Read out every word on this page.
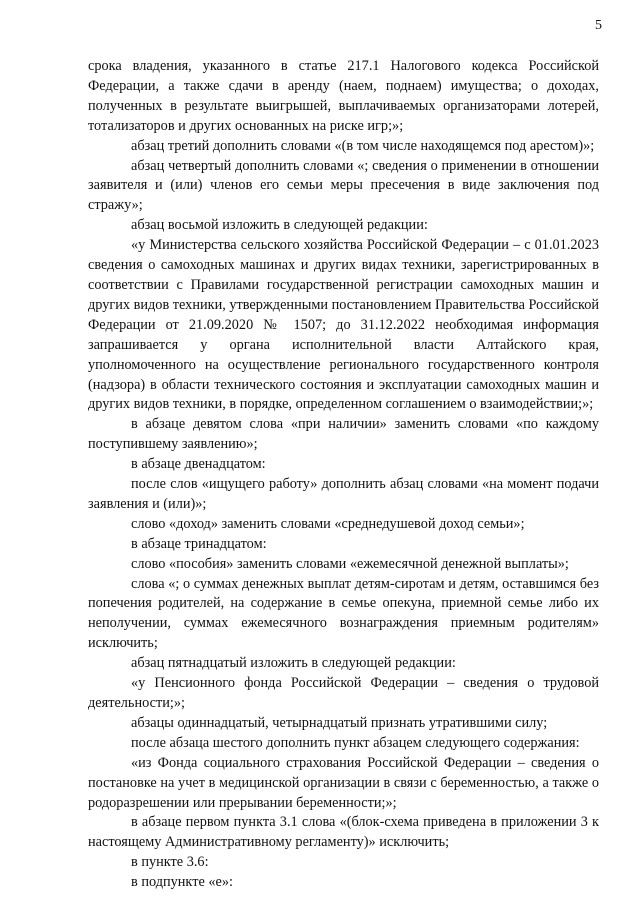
5

срока владения, указанного в статье 217.1 Налогового кодекса Российской Федерации, а также сдачи в аренду (наем, поднаем) имущества; о доходах, полученных в результате выигрышей, выплачиваемых организаторами лотерей, тотализаторов и других основанных на риске игр;»;

абзац третий дополнить словами «(в том числе находящемся под арестом)»;

абзац четвертый дополнить словами «; сведения о применении в отношении заявителя и (или) членов его семьи меры пресечения в виде заключения под стражу»;

абзац восьмой изложить в следующей редакции:

«у Министерства сельского хозяйства Российской Федерации – с 01.01.2023 сведения о самоходных машинах и других видах техники, зарегистрированных в соответствии с Правилами государственной регистрации самоходных машин и других видов техники, утвержденными постановлением Правительства Российской Федерации от 21.09.2020 № 1507; до 31.12.2022 необходимая информация запрашивается у органа исполнительной власти Алтайского края, уполномоченного на осуществление регионального государственного контроля (надзора) в области технического состояния и эксплуатации самоходных машин и других видов техники, в порядке, определенном соглашением о взаимодействии;»;

в абзаце девятом слова «при наличии» заменить словами «по каждому поступившему заявлению»;

в абзаце двенадцатом:

после слов «ищущего работу» дополнить абзац словами «на момент подачи заявления и (или)»;

слово «доход» заменить словами «среднедушевой доход семьи»;

в абзаце тринадцатом:

слово «пособия» заменить словами «ежемесячной денежной выплаты»;

слова «; о суммах денежных выплат детям-сиротам и детям, оставшимся без попечения родителей, на содержание в семье опекуна, приемной семье либо их неполучении, суммах ежемесячного вознаграждения приемным родителям» исключить;

абзац пятнадцатый изложить в следующей редакции:

«у Пенсионного фонда Российской Федерации – сведения о трудовой деятельности;»;

абзацы одиннадцатый, четырнадцатый признать утратившими силу;

после абзаца шестого дополнить пункт абзацем следующего содержания:

«из Фонда социального страхования Российской Федерации – сведения о постановке на учет в медицинской организации в связи с беременностью, а также о родоразрешении или прерывании беременности;»;

в абзаце первом пункта 3.1 слова «(блок-схема приведена в приложении 3 к настоящему Административному регламенту)» исключить;

в пункте 3.6:

в подпункте «е»:
